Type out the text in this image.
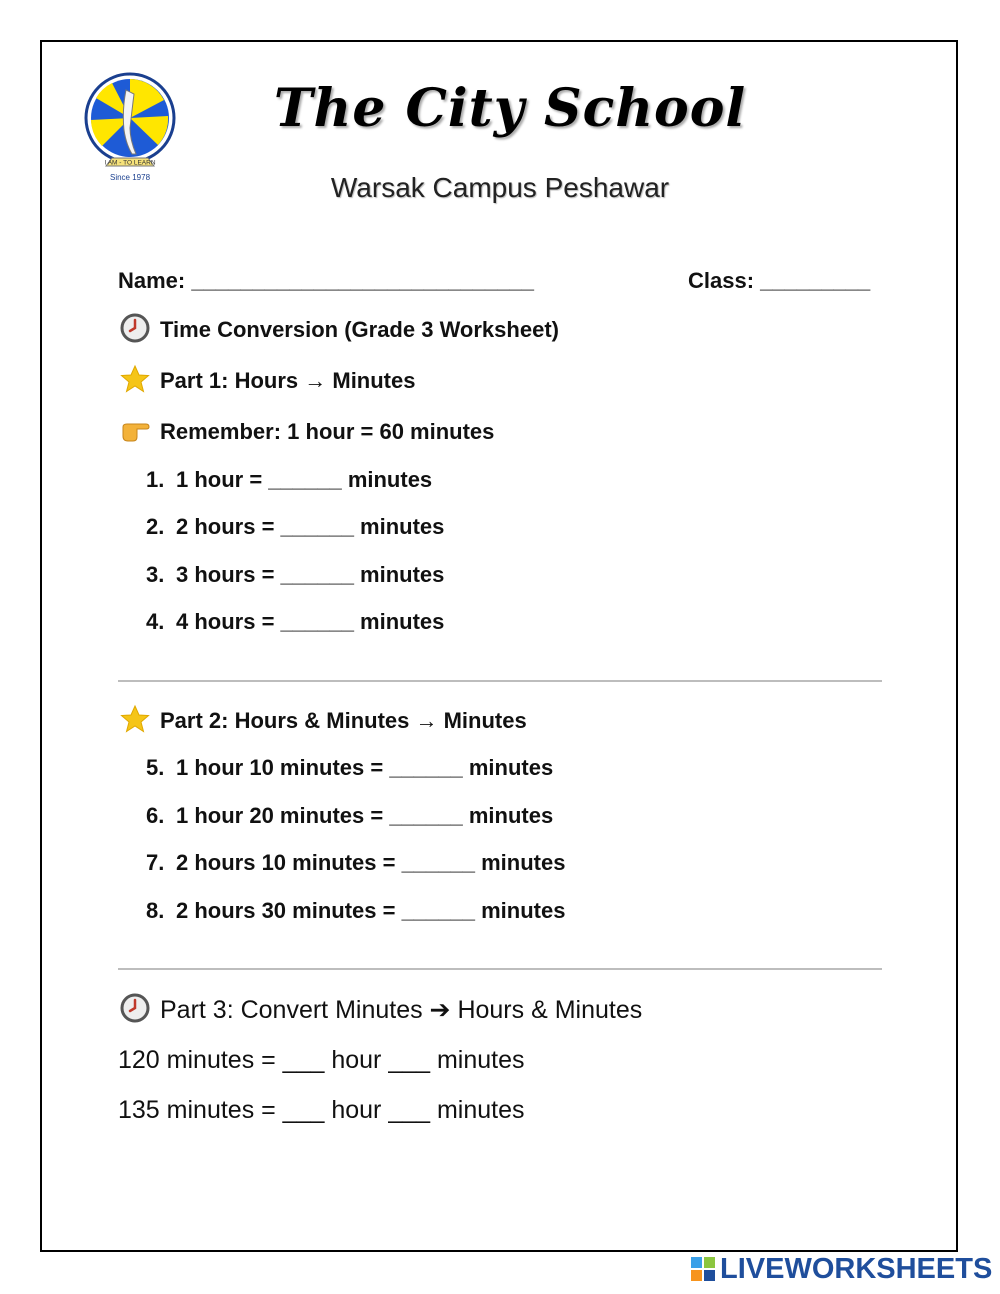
I AM - TO LEARN
Since 1978
The City School
Warsak Campus Peshawar
Name: ____________________________	Class: _________
Time Conversion (Grade 3 Worksheet)
Part 1: Hours → Minutes
Remember: 1 hour = 60 minutes
1. 1 hour = ______ minutes
2. 2 hours = ______ minutes
3. 3 hours = ______ minutes
4. 4 hours = ______ minutes
Part 2: Hours & Minutes → Minutes
5. 1 hour 10 minutes = ______ minutes
6. 1 hour 20 minutes = ______ minutes
7. 2 hours 10 minutes = ______ minutes
8. 2 hours 30 minutes = ______ minutes
Part 3: Convert Minutes ➔ Hours & Minutes
120 minutes = ___ hour ___ minutes
135 minutes = ___ hour ___ minutes
LIVEWORKSHEETS
